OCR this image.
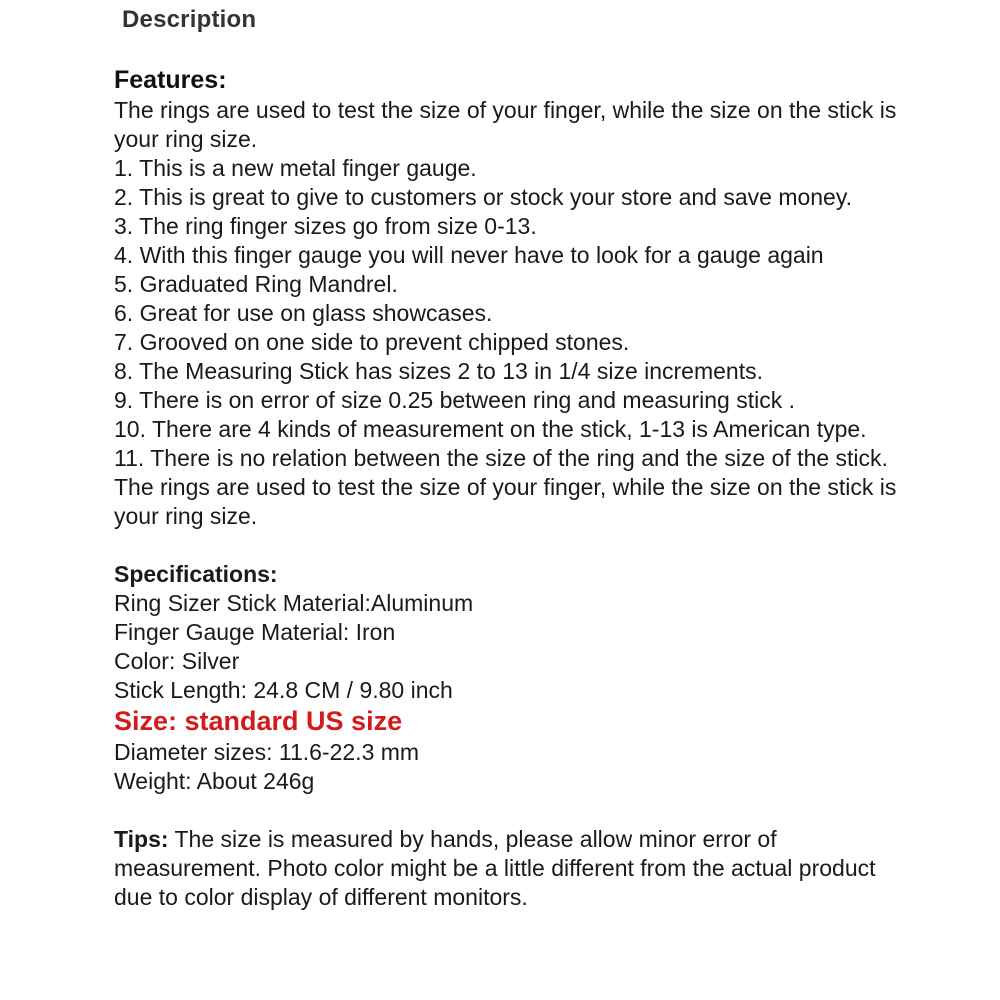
Description

Features:

The rings are used to test the size of your finger, while the size on the stick is your ring size.

1. This is a new metal finger gauge.

2. This is great to give to customers or stock your store and save money.

3. The ring finger sizes go from size 0-13.

4. With this finger gauge you will never have to look for a gauge again

5. Graduated Ring Mandrel.

6. Great for use on glass showcases.

7. Grooved on one side to prevent chipped stones.

8. The Measuring Stick has sizes 2 to 13 in 1/4 size increments.

9. There is on error of size 0.25 between ring and measuring stick .

10. There are 4 kinds of measurement on the stick, 1-13 is American type.

11. There is no relation between the size of the ring and the size of the stick.

The rings are used to test the size of your finger, while the size on the stick is your ring size.

Specifications:

Ring Sizer Stick Material:Aluminum

Finger Gauge Material: Iron

Color: Silver

Stick Length: 24.8 CM / 9.80 inch

Size: standard US size

Diameter sizes: 11.6-22.3 mm

Weight: About 246g

Tips: The size is measured by hands, please allow minor error of measurement. Photo color might be a little different from the actual product due to color display of different monitors.
